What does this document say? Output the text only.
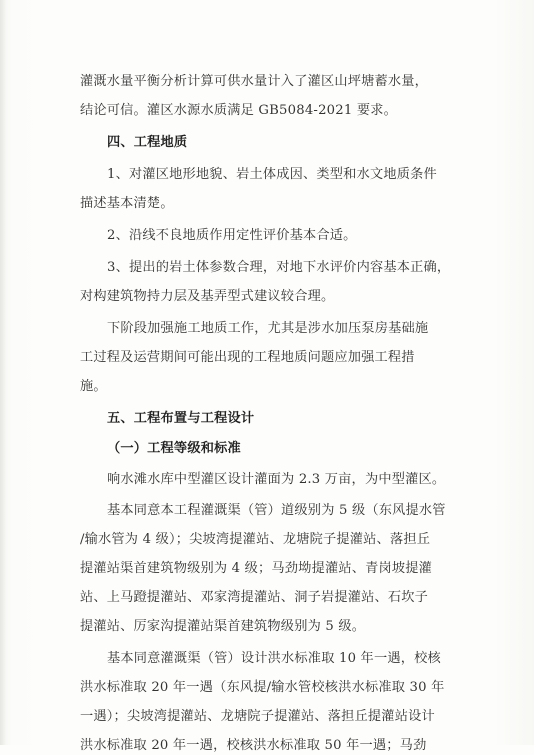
灌溉水量平衡分析计算可供水量计入了灌区山坪塘蓄水量，
结论可信。灌区水源水质满足 GB5084-2021 要求。
四、工程地质
1、对灌区地形地貌、岩土体成因、类型和水文地质条件
描述基本清楚。
2、沿线不良地质作用定性评价基本合适。
3、提出的岩土体参数合理，对地下水评价内容基本正确，
对构建筑物持力层及基弄型式建议较合理。
下阶段加强施工地质工作，尤其是涉水加压泵房基础施
工过程及运营期间可能出现的工程地质问题应加强工程措
施。
五、工程布置与工程设计
（一）工程等级和标准
响水滩水库中型灌区设计灌面为 2.3 万亩，为中型灌区。
基本同意本工程灌溉渠（管）道级别为 5 级（东风提水管
/输水管为 4 级）；尖坡湾提灌站、龙塘院子提灌站、落担丘
提灌站渠首建筑物级别为 4 级；马劲坳提灌站、青岗坡提灌
站、上马蹬提灌站、邓家湾提灌站、洞子岩提灌站、石坎子
提灌站、厉家沟提灌站渠首建筑物级别为 5 级。
基本同意灌溉渠（管）设计洪水标准取 10 年一遇，校核
洪水标准取 20 年一遇（东风提/输水管校核洪水标准取 30 年
一遇）；尖坡湾提灌站、龙塘院子提灌站、落担丘提灌站设计
洪水标准取 20 年一遇，校核洪水标准取 50 年一遇；马劲
